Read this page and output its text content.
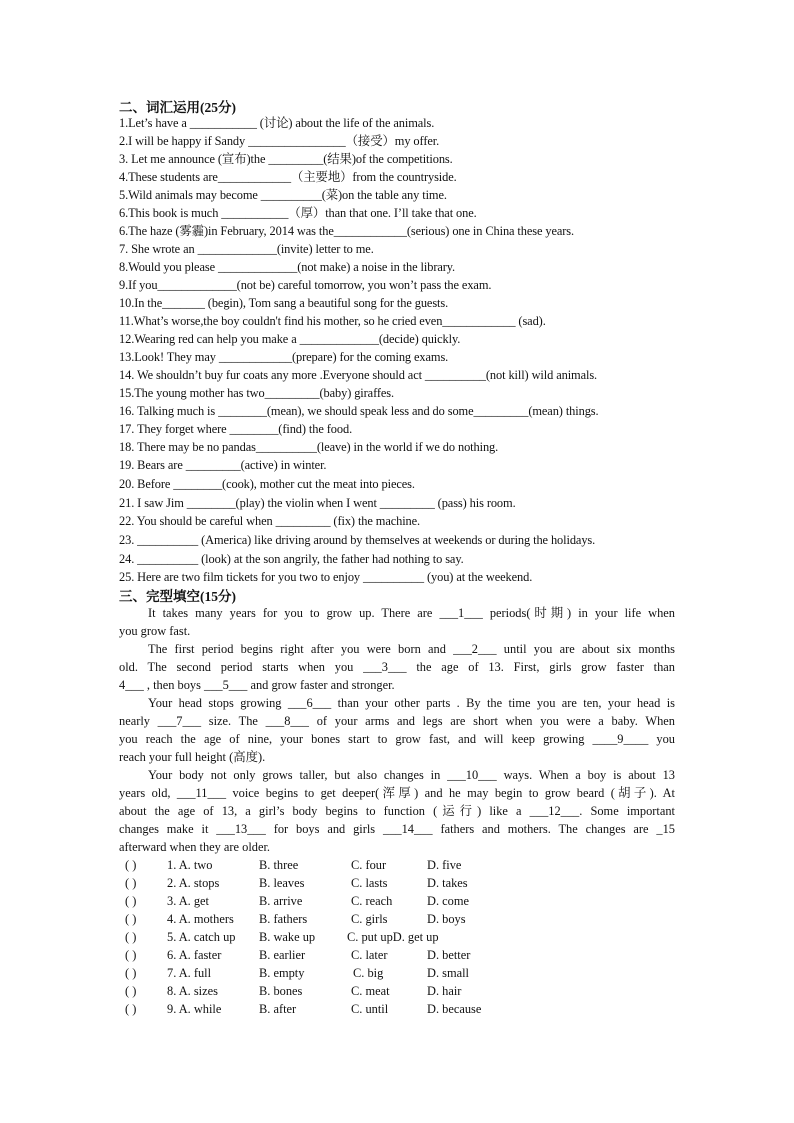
二、词汇运用(25分)
1.Let’s have a ___________ (讨论) about the life of the animals.
2.I will be happy if Sandy ________________（接受）my offer.
3. Let me announce (宣布)the _________(结果)of the competitions.
4.These students are____________（主要地）from the countryside.
5.Wild animals may become __________(菜)on the table any time.
6.This book is much ___________（厚）than that one. I’ll take that one.
6.The haze (雾霾)in February, 2014 was the____________(serious) one in China these years.
7. She wrote an _____________(invite) letter to me.
8.Would you please _____________(not make) a noise in the library.
9.If you_____________(not be) careful tomorrow, you won’t pass the exam.
10.In the_______ (begin), Tom sang a beautiful song for the guests.
11.What’s worse,the boy couldn't find his mother, so he cried even____________ (sad).
12.Wearing red can help you make a _____________(decide) quickly.
13.Look! They may ____________(prepare) for the coming exams.
14. We shouldn’t buy fur coats any more .Everyone should act __________(not kill) wild animals.
15.The young mother has two_________(baby) giraffes.
16. Talking much is ________(mean), we should speak less and do some_________(mean) things.
17. They forget where ________(find) the food.
18. There may be no pandas__________(leave) in the world if we do nothing.
19. Bears are _________(active) in winter.
20. Before ________(cook), mother cut the meat into pieces.
21. I saw Jim ________(play) the violin when I went _________ (pass) his room.
22. You should be careful when _________ (fix) the machine.
23. __________ (America) like driving around by themselves at weekends or during the holidays.
24. __________ (look) at the son angrily, the father had nothing to say.
25. Here are two film tickets for you two to enjoy __________ (you) at the weekend.
三、完型填空(15分)
It takes many years for you to grow up. There are ___1___ periods(时期) in your life when
you grow fast.
The first period begins right after you were born and ___2___ until you are about six months
old. The second period starts when you ___3___ the age of 13. First, girls grow faster than
4___ , then boys ___5___ and grow faster and stronger.
Your head stops growing ___6___ than your other parts . By the time you are ten, your head is
nearly ___7___ size. The ___8___ of your arms and legs are short when you were a baby. When
you reach the age of nine, your bones start to grow fast, and will keep growing ____9____ you
reach your full height (高度).
Your body not only grows taller, but also changes in ___10___ ways. When a boy is about 13
years old, ___11___ voice begins to get deeper(浑厚) and he may begin to grow beard (胡子). At
about the age of 13, a girl’s body begins to function (运行) like a ___12___. Some important
changes make it ___13___ for boys and girls ___14___ fathers and mothers. The changes are _15
afterward when they are older.
( ) 1. A. two	B. three	C. four	D. five
( ) 2. A. stops	B. leaves	C. lasts	D. takes
( ) 3. A. get	B. arrive	C. reach	D. come
( ) 4. A. mothers B. fathers	C. girls	D. boys
( ) 5. A. catch up B. wake up	C. put upD. get up
( ) 6. A. faster	B. earlier	C. later	D. better
( ) 7. A. full	B. empty	C. big	D. small
( ) 8. A. sizes	B. bones	C. meat	D. hair
( ) 9. A. while	B. after	C. until	D. because
